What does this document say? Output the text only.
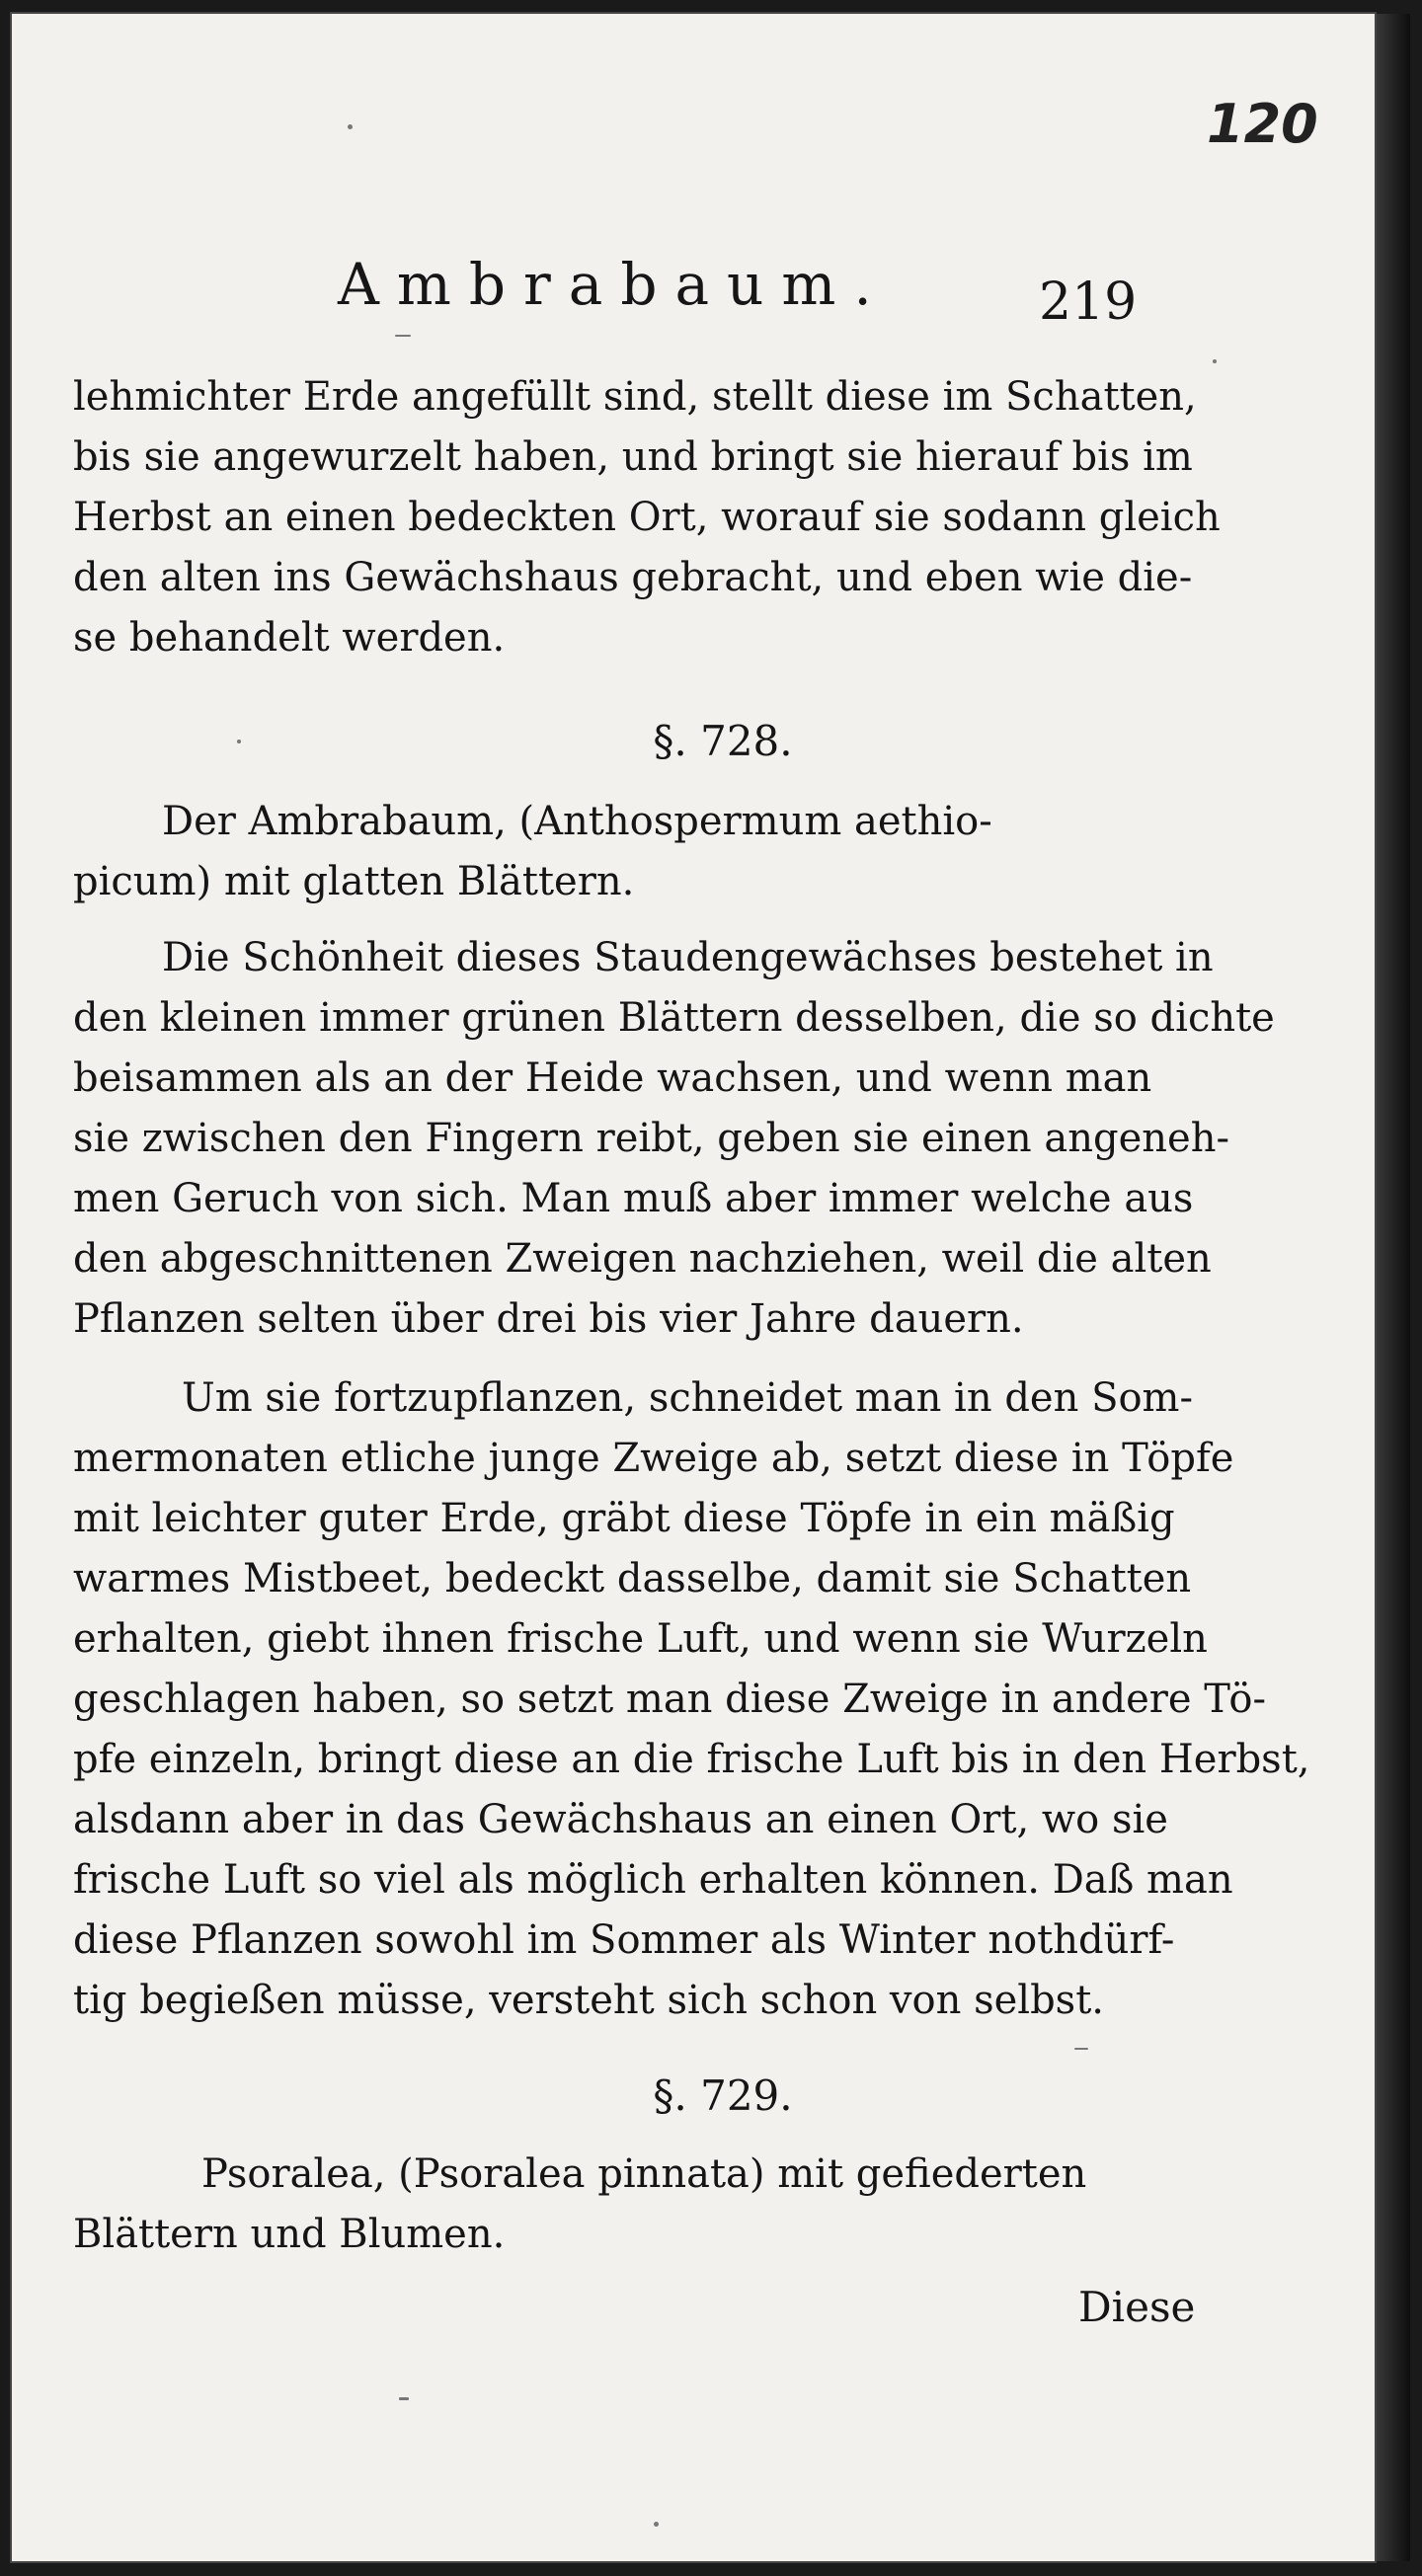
120
Ambrabaum.	219
lehmichter Erde angefüllt sind, stellt diese im Schatten,
bis sie angewurzelt haben, und bringt sie hierauf bis im
Herbst an einen bedeckten Ort, worauf sie sodann gleich
den alten ins Gewächshaus gebracht, und eben wie die-
se behandelt werden.
§. 728.
Der Ambrabaum, (Anthospermum aethio-
picum) mit glatten Blättern.
Die Schönheit dieses Staudengewächses bestehet in
den kleinen immer grünen Blättern desselben, die so dichte
beisammen als an der Heide wachsen, und wenn man
sie zwischen den Fingern reibt, geben sie einen angeneh-
men Geruch von sich. Man muß aber immer welche aus
den abgeschnittenen Zweigen nachziehen, weil die alten
Pflanzen selten über drei bis vier Jahre dauern.
Um sie fortzupflanzen, schneidet man in den Som-
mermonaten etliche junge Zweige ab, setzt diese in Töpfe
mit leichter guter Erde, gräbt diese Töpfe in ein mäßig
warmes Mistbeet, bedeckt dasselbe, damit sie Schatten
erhalten, giebt ihnen frische Luft, und wenn sie Wurzeln
geschlagen haben, so setzt man diese Zweige in andere Tö-
pfe einzeln, bringt diese an die frische Luft bis in den Herbst,
alsdann aber in das Gewächshaus an einen Ort, wo sie
frische Luft so viel als möglich erhalten können. Daß man
diese Pflanzen sowohl im Sommer als Winter nothdürf-
tig begießen müsse, versteht sich schon von selbst.
§. 729.
Psoralea, (Psoralea pinnata) mit gefiederten
Blättern und Blumen.
Diese
